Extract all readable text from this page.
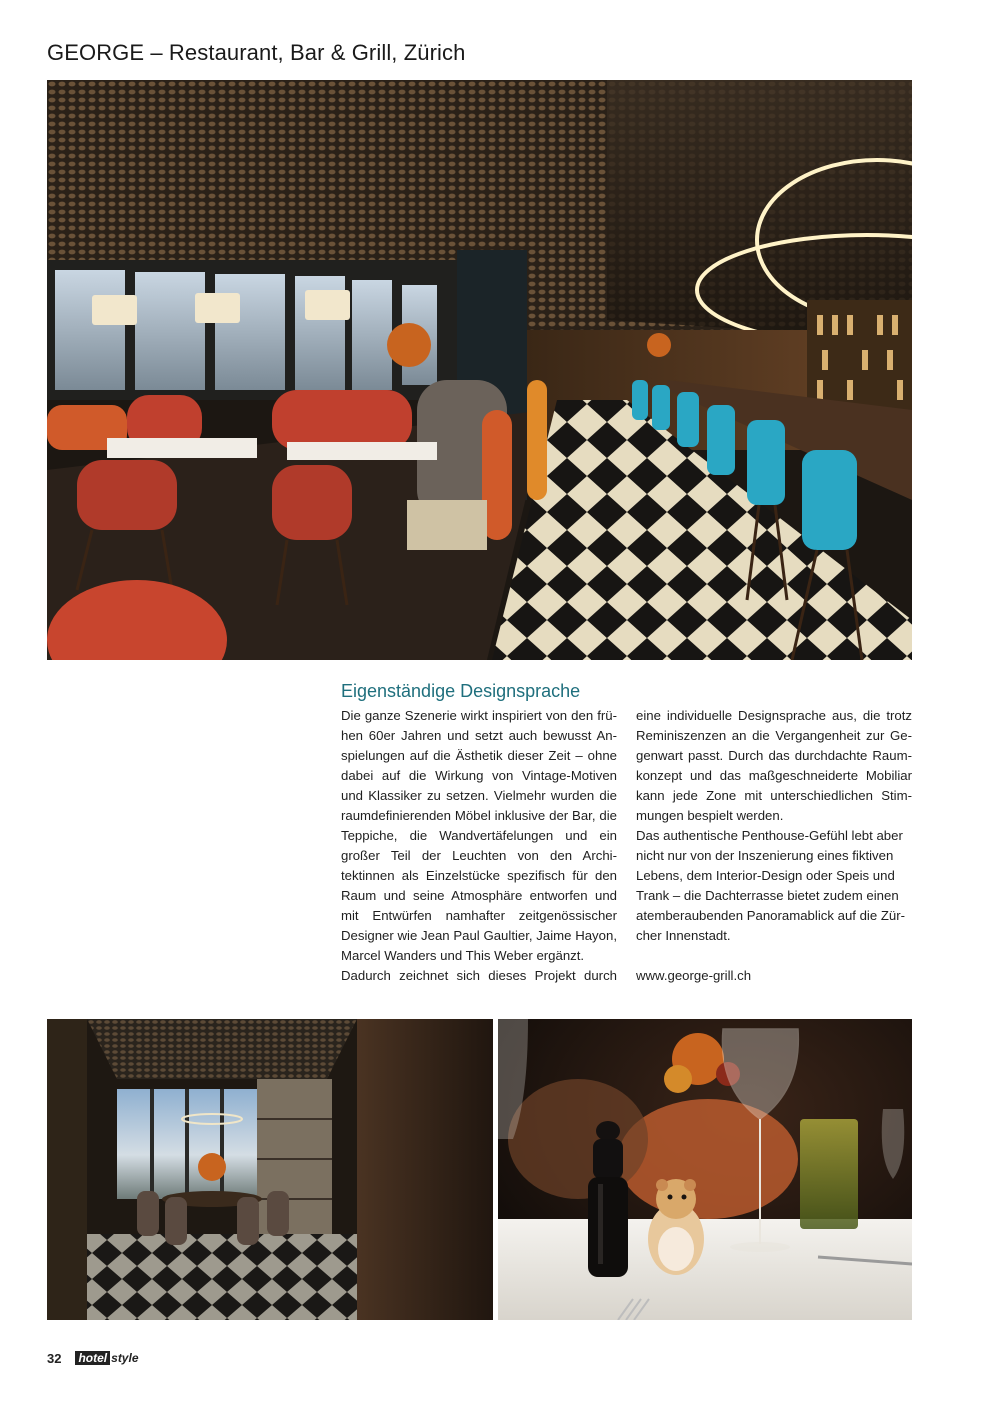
GEORGE – Restaurant, Bar & Grill, Zürich
Eigenständige Designsprache

Die ganze Szenerie wirkt inspiriert von den frühen 60er Jahren und setzt auch bewusst Anspielungen auf die Ästhetik dieser Zeit – ohne dabei auf die Wirkung von Vintage-Motiven und Klassiker zu setzen. Vielmehr wurden die raumdefinierenden Möbel inklusive der Bar, die Teppiche, die Wandvertäfelungen und ein großer Teil der Leuchten von den Architektinnen als Einzelstücke spezifisch für den Raum und seine Atmosphäre entworfen und mit Entwürfen namhafter zeitgenössischer Designer wie Jean Paul Gaultier, Jaime Hayon, Marcel Wanders und This Weber ergänzt.

Dadurch zeichnet sich dieses Projekt durch

eine individuelle Designsprache aus, die trotz Reminiszenzen an die Vergangenheit zur Gegenwart passt. Durch das durchdachte Raumkonzept und das maßgeschneiderte Mobiliar kann jede Zone mit unterschiedlichen Stimmungen bespielt werden.

Das authentische Penthouse-Gefühl lebt aber nicht nur von der Inszenierung eines fiktiven Lebens, dem Interior-Design oder Speis und Trank – die Dachterrasse bietet zudem einen atemberaubenden Panoramablick auf die Zürcher Innenstadt.

www.george-grill.ch
32 hotel style
